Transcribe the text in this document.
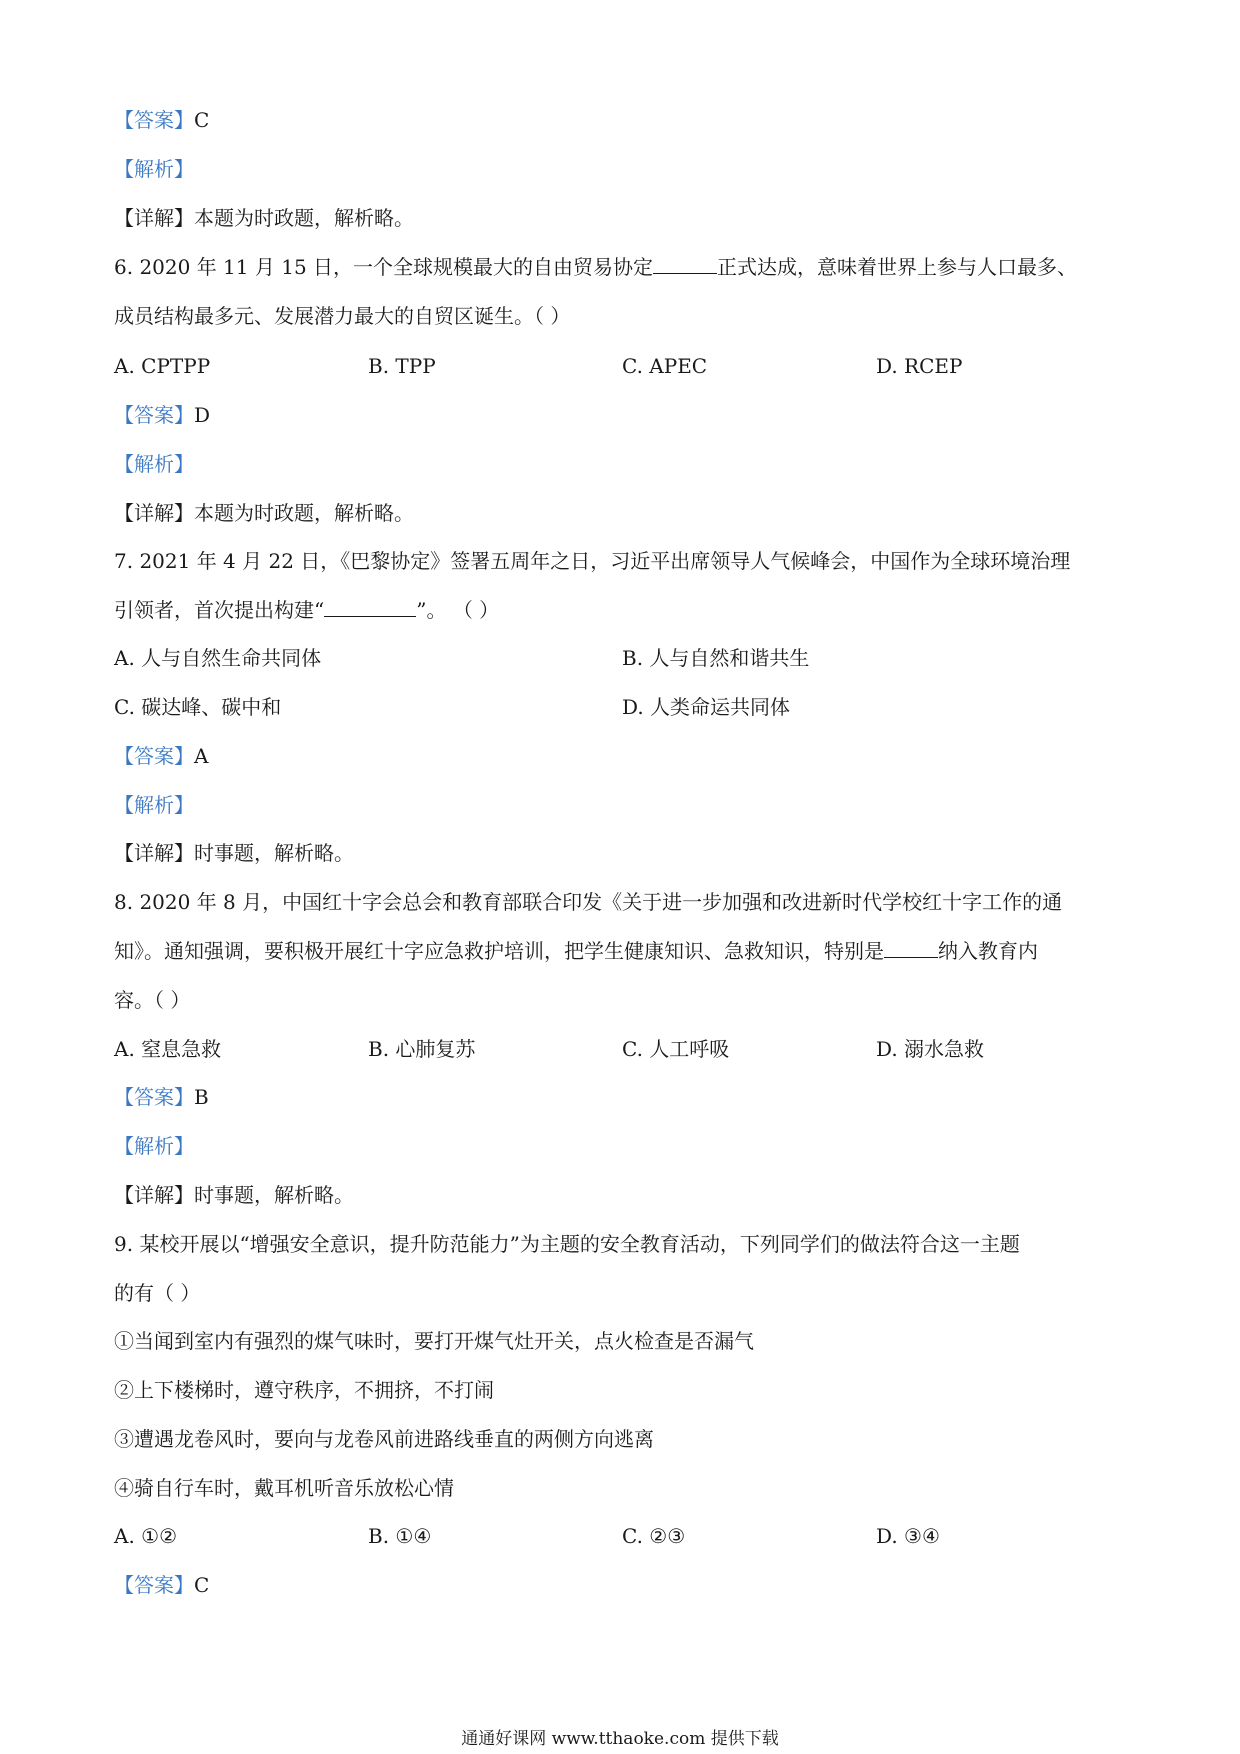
【答案】C
【解析】
【详解】本题为时政题，解析略。
6. 2020 年 11 月 15 日，一个全球规模最大的自由贸易协定	正式达成，意味着世界上参与人口最多、
成员结构最多元、发展潜力最大的自贸区诞生。（ ）
A. CPTPP	B. TPP	C. APEC	D. RCEP
【答案】D
【解析】
【详解】本题为时政题，解析略。
7. 2021 年 4 月 22 日，《巴黎协定》签署五周年之日，习近平出席领导人气候峰会，中国作为全球环境治理
引领者，首次提出构建“	”。 （ ）
A. 人与自然生命共同体	B. 人与自然和谐共生
C. 碳达峰、碳中和	D. 人类命运共同体
【答案】A
【解析】
【详解】时事题，解析略。
8. 2020 年 8 月，中国红十字会总会和教育部联合印发《关于进一步加强和改进新时代学校红十字工作的通
知》。通知强调，要积极开展红十字应急救护培训，把学生健康知识、急救知识，特别是	纳入教育内
容。（ ）
A. 窒息急救	B. 心肺复苏	C. 人工呼吸	D. 溺水急救
【答案】B
【解析】
【详解】时事题，解析略。
9. 某校开展以“增强安全意识，提升防范能力”为主题的安全教育活动，下列同学们的做法符合这一主题
的有（ ）
①当闻到室内有强烈的煤气味时，要打开煤气灶开关，点火检查是否漏气
②上下楼梯时，遵守秩序，不拥挤，不打闹
③遭遇龙卷风时，要向与龙卷风前进路线垂直的两侧方向逃离
④骑自行车时，戴耳机听音乐放松心情
A. ①②	B. ①④	C. ②③	D. ③④
【答案】C
通通好课网 www.tthaoke.com 提供下载
